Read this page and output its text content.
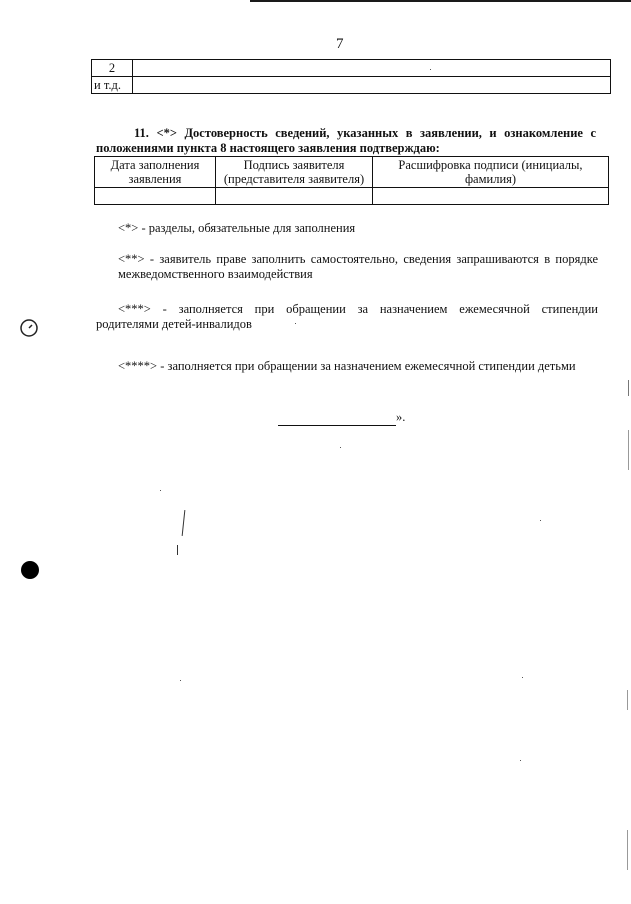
7
2	
и т.д.	
11. <*> Достоверность сведений, указанных в заявлении, и ознакомление с положениями пункта 8 настоящего заявления подтверждаю:
Дата заполнения заявления	Подпись заявителя (представителя заявителя)	Расшифровка подписи (инициалы, фамилия)

<*> - разделы, обязательные для заполнения
<**> - заявитель праве заполнить самостоятельно, сведения запрашиваются в порядке межведомственного взаимодействия
<***> - заполняется при обращении за назначением ежемесячной стипендии
родителями детей-инвалидов
<****> - заполняется при обращении за назначением ежемесячной стипендии детьми
».
